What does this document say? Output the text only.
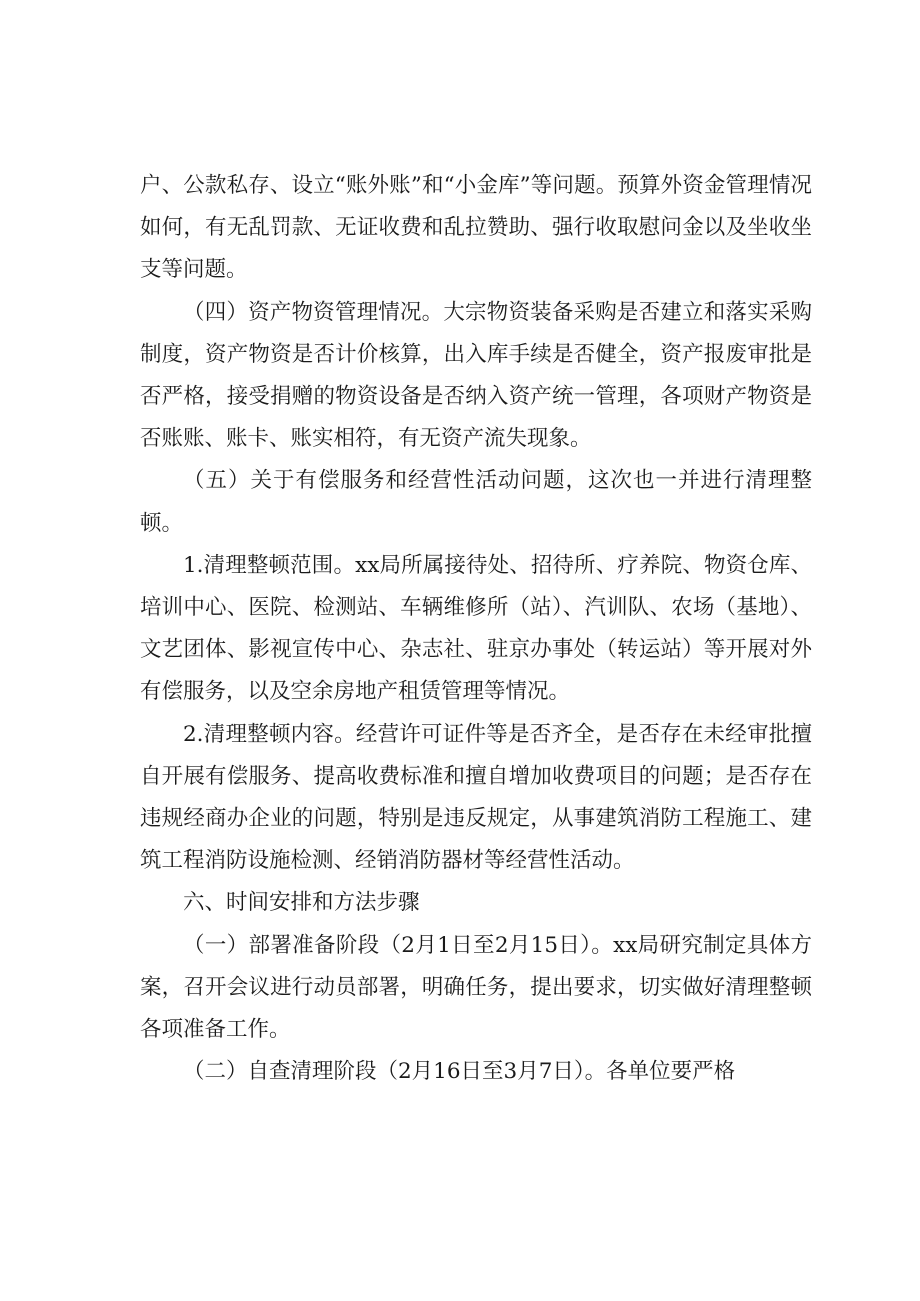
户、公款私存、设立“账外账”和“小金库”等问题。预算外资金管理情况如何，有无乱罚款、无证收费和乱拉赞助、强行收取慰问金以及坐收坐支等问题。

（四）资产物资管理情况。大宗物资装备采购是否建立和落实采购制度，资产物资是否计价核算，出入库手续是否健全，资产报废审批是否严格，接受捐赠的物资设备是否纳入资产统一管理，各项财产物资是否账账、账卡、账实相符，有无资产流失现象。

（五）关于有偿服务和经营性活动问题，这次也一并进行清理整顿。

1.清理整顿范围。xx局所属接待处、招待所、疗养院、物资仓库、培训中心、医院、检测站、车辆维修所（站）、汽训队、农场（基地）、文艺团体、影视宣传中心、杂志社、驻京办事处（转运站）等开展对外有偿服务，以及空余房地产租赁管理等情况。

2.清理整顿内容。经营许可证件等是否齐全，是否存在未经审批擅自开展有偿服务、提高收费标准和擅自增加收费项目的问题；是否存在违规经商办企业的问题，特别是违反规定，从事建筑消防工程施工、建筑工程消防设施检测、经销消防器材等经营性活动。

六、时间安排和方法步骤

（一）部署准备阶段（2月1日至2月15日）。xx局研究制定具体方案，召开会议进行动员部署，明确任务，提出要求，切实做好清理整顿各项准备工作。

（二）自查清理阶段（2月16日至3月7日）。各单位要严格
